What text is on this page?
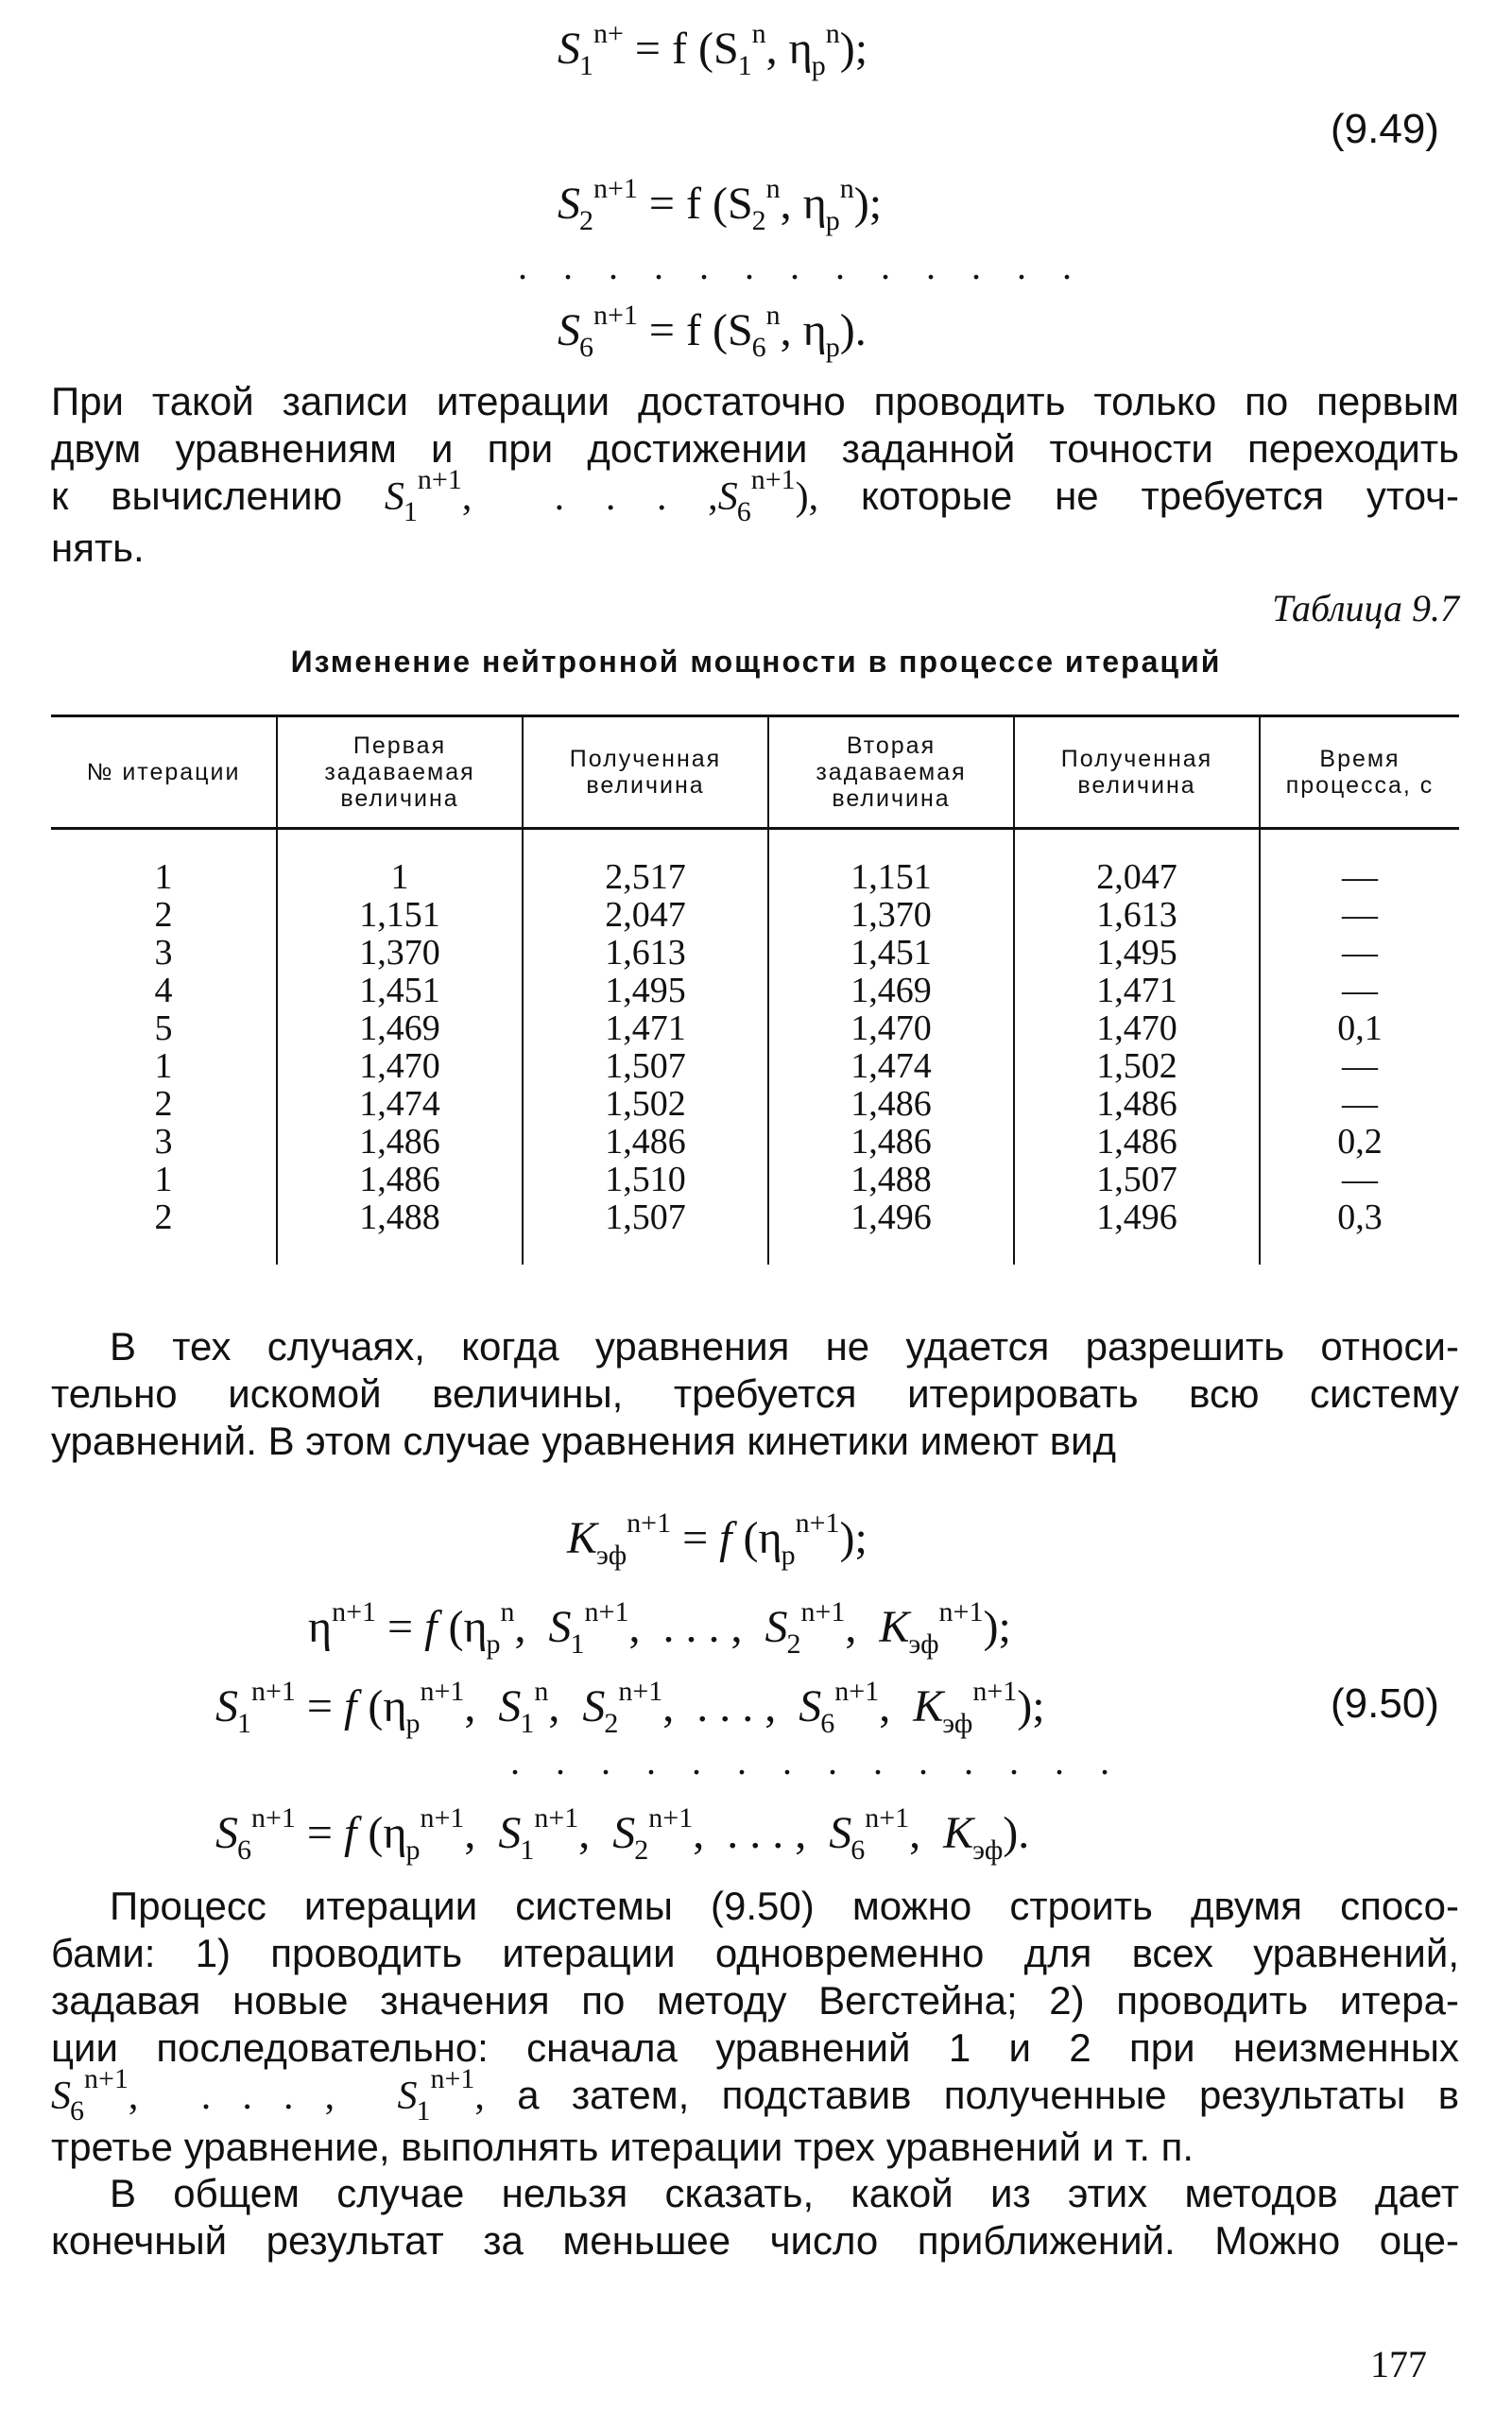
$S_1^{n+} = f$ ($S_1^n$, $\eta_p^n$);
(9.49)
$S_2^{n+1} = f$ ($S_2^n$, $\eta_p^n$);
. . . . . . . . . . . . .
$S_6^{n+1} = f$ ($S_6^n$, $\eta_p$).
При такой записи итерации достаточно проводить только по первым
двум уравнениям и при достижении заданной точности переходить
к вычислению $S_1^{n+1}$,  . . . $,S_6^{n+1}$), которые не требуется уточ-
нять.
Таблица 9.7
Изменение нейтронной мощности в процессе итераций
№ итерации	Первая задаваемая величина	Полученная величина	Вторая задаваемая величина	Полученная величина	Время процесса, с

1	1	2,517	1,151	2,047	—
2	1,151	2,047	1,370	1,613	—
3	1,370	1,613	1,451	1,495	—
4	1,451	1,495	1,469	1,471	—
5	1,469	1,471	1,470	1,470	0,1
1	1,470	1,507	1,474	1,502	—
2	1,474	1,502	1,486	1,486	—
3	1,486	1,486	1,486	1,486	0,2
1	1,486	1,510	1,488	1,507	—
2	1,488	1,507	1,496	1,496	0,3

В тех случаях, когда уравнения не удается разрешить относи-
тельно искомой величины, требуется итерировать всю систему
уравнений. В этом случае уравнения кинетики имеют вид
$K_{эф}^{n+1} = f$ $(\eta_p^{n+1})$;
$\eta^{n+1} = f$ ($\eta_p^n$,  $S_1^{n+1}$,  . . . ,  $S_2^{n+1}$,  $K_{эф}^{n+1}$);
$S_1^{n+1} = f$ ($\eta_p^{n+1}$,  $S_1^n$,  $S_2^{n+1}$,  . . . ,  $S_6^{n+1}$,  $K_{эф}^{n+1}$);	(9.50)
. . . . . . . . . . . . . .
$S_6^{n+1} = f$ ($\eta_p^{n+1}$,  $S_1^{n+1}$,  $S_2^{n+1}$,  . . . ,  $S_6^{n+1}$,  $K_{эф}$).
Процесс итерации системы (9.50) можно строить двумя спосо-
бами: 1) проводить итерации одновременно для всех уравнений,
задавая новые значения по методу Вегстейна; 2) проводить итера-
ции последовательно: сначала уравнений 1 и 2 при неизменных
$S_6^{n+1}$,  . . . ,  $S_1^{n+1}$, а затем, подставив полученные результаты в
третье уравнение, выполнять итерации трех уравнений и т. п.
В общем случае нельзя сказать, какой из этих методов дает
конечный результат за меньшее число приближений. Можно оце-
177
